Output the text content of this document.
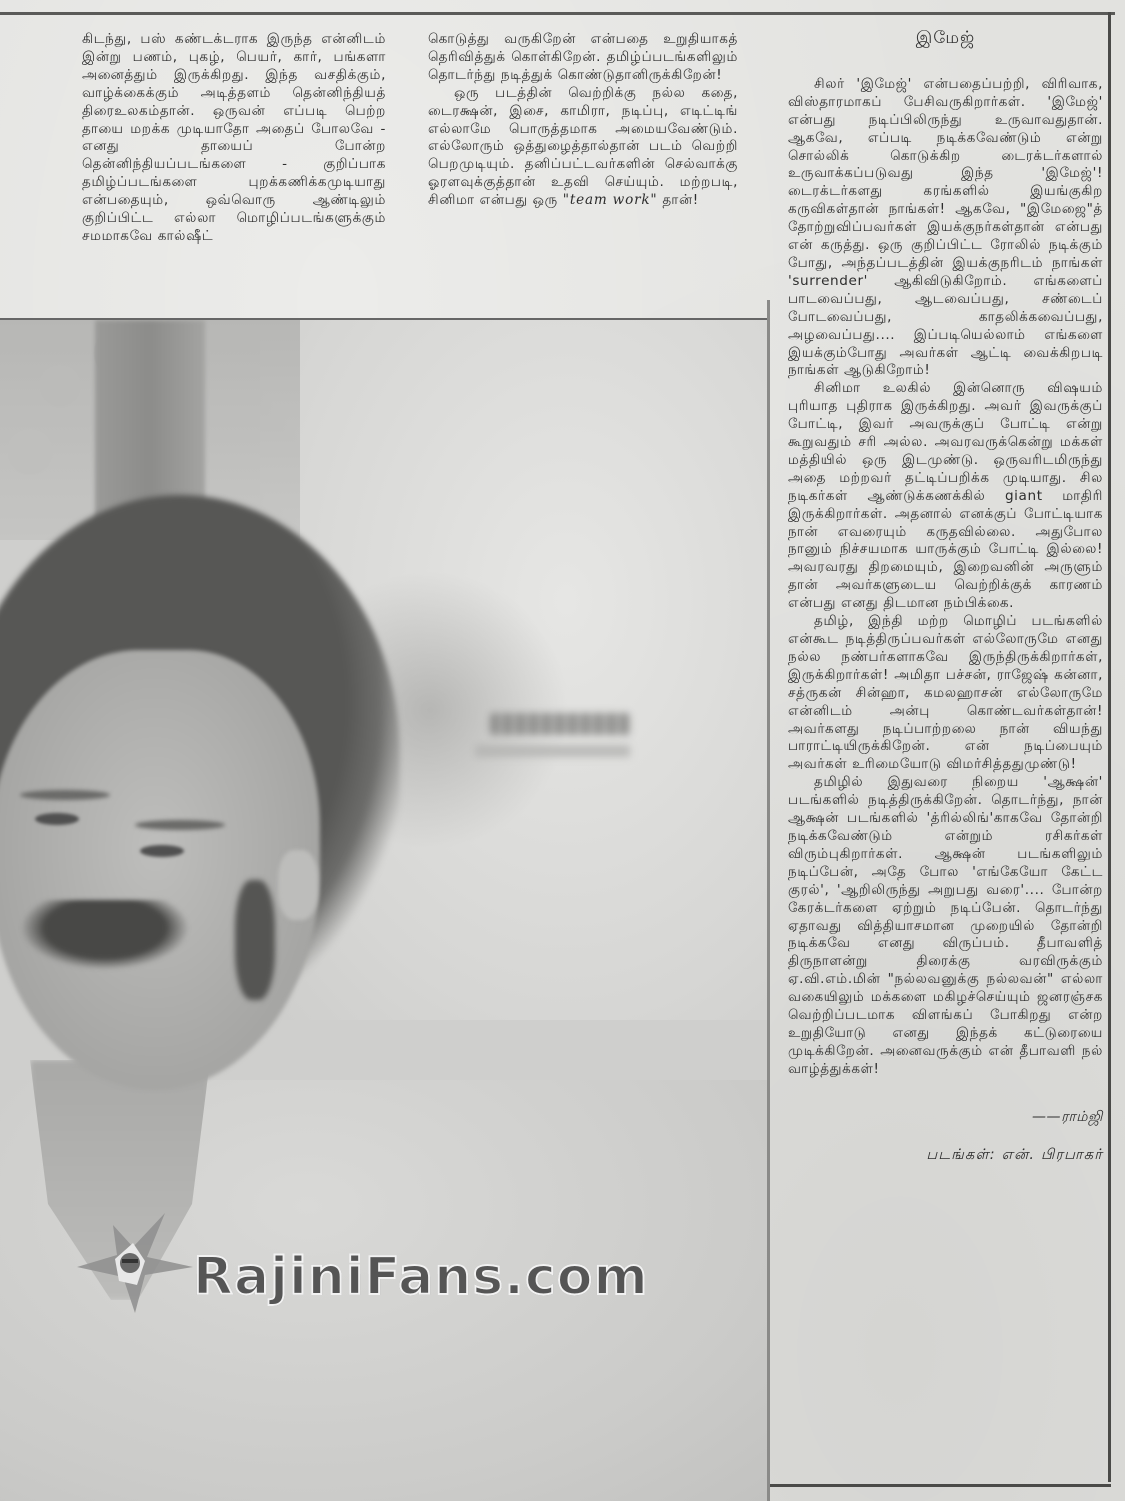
கிடந்து, பஸ் கண்டக்டராக இருந்த என்னிடம் இன்று பணம், புகழ், பெயர், கார், பங்களா அனைத்தும் இருக்கிறது. இந்த வசதிக்கும், வாழ்க்கைக்கும் அடித்தளம் தென்னிந்தியத் திரைஉலகம்தான். ஒருவன் எப்படி பெற்ற தாயை மறக்க முடியாதோ அதைப் போலவே - எனது தாயைப் போன்ற தென்னிந்தியப்படங்களை - குறிப்பாக தமிழ்ப்படங்களை புறக்கணிக்கமுடியாது என்பதையும், ஒவ்வொரு ஆண்டிலும் குறிப்பிட்ட எல்லா மொழிப்படங்களுக்கும் சமமாகவே கால்ஷீட்

கொடுத்து வருகிறேன் என்பதை உறுதியாகத் தெரிவித்துக் கொள்கிறேன். தமிழ்ப்படங்களிலும் தொடர்ந்து நடித்துக் கொண்டுதானிருக்கிறேன்!

ஒரு படத்தின் வெற்றிக்கு நல்ல கதை, டைரக்ஷன், இசை, காமிரா, நடிப்பு, எடிட்டிங் எல்லாமே பொருத்தமாக அமையவேண்டும். எல்லோரும் ஒத்துழைத்தால்தான் படம் வெற்றி பெறமுடியும். தனிப்பட்டவர்களின் செல்வாக்கு ஓரளவுக்குத்தான் உதவி செய்யும். மற்றபடி, சினிமா என்பது ஒரு "team work" தான்!

RajiniFans.com
இமேஜ்

சிலர் 'இமேஜ்' என்பதைப்பற்றி, விரிவாக, விஸ்தாரமாகப் பேசிவருகிறார்கள். 'இமேஜ்' என்பது நடிப்பிலிருந்து உருவாவதுதான். ஆகவே, எப்படி நடிக்கவேண்டும் என்று சொல்லிக் கொடுக்கிற டைரக்டர்களால் உருவாக்கப்படுவது இந்த 'இமேஜ்'! டைரக்டர்களது கரங்களில் இயங்குகிற கருவிகள்தான் நாங்கள்! ஆகவே, "இமேஜை"த் தோற்றுவிப்பவர்கள் இயக்குநர்கள்தான் என்பது என் கருத்து. ஒரு குறிப்பிட்ட ரோலில் நடிக்கும் போது, அந்தப்படத்தின் இயக்குநரிடம் நாங்கள் 'surrender' ஆகிவிடுகிறோம். எங்களைப் பாடவைப்பது, ஆடவைப்பது, சண்டைப் போடவைப்பது, காதலிக்கவைப்பது, அழவைப்பது.... இப்படியெல்லாம் எங்களை இயக்கும்போது அவர்கள் ஆட்டி வைக்கிறபடி நாங்கள் ஆடுகிறோம்!

சினிமா உலகில் இன்னொரு விஷயம் புரியாத புதிராக இருக்கிறது. அவர் இவருக்குப் போட்டி, இவர் அவருக்குப் போட்டி என்று கூறுவதும் சரி அல்ல. அவரவருக்கென்று மக்கள் மத்தியில் ஒரு இடமுண்டு. ஒருவரிடமிருந்து அதை மற்றவர் தட்டிப்பறிக்க முடியாது. சில நடிகர்கள் ஆண்டுக்கணக்கில் giant மாதிரி இருக்கிறார்கள். அதனால் எனக்குப் போட்டியாக நான் எவரையும் கருதவில்லை. அதுபோல நானும் நிச்சயமாக யாருக்கும் போட்டி இல்லை! அவரவரது திறமையும், இறைவனின் அருளும் தான் அவர்களுடைய வெற்றிக்குக் காரணம் என்பது எனது திடமான நம்பிக்கை.

தமிழ், இந்தி மற்ற மொழிப் படங்களில் என்கூட நடித்திருப்பவர்கள் எல்லோருமே எனது நல்ல நண்பர்களாகவே இருந்திருக்கிறார்கள், இருக்கிறார்கள்! அமிதா பச்சன், ராஜேஷ் கன்னா, சத்ருகன் சின்ஹா, கமலஹாசன் எல்லோருமே என்னிடம் அன்பு கொண்டவர்கள்தான்! அவர்களது நடிப்பாற்றலை நான் வியந்து பாராட்டியிருக்கிறேன். என் நடிப்பையும் அவர்கள் உரிமையோடு விமர்சித்ததுமுண்டு!

தமிழில் இதுவரை நிறைய 'ஆக்ஷன்' படங்களில் நடித்திருக்கிறேன். தொடர்ந்து, நான் ஆக்ஷன் படங்களில் 'த்ரில்லிங்'காகவே தோன்றி நடிக்கவேண்டும் என்றும் ரசிகர்கள் விரும்புகிறார்கள். ஆக்ஷன் படங்களிலும் நடிப்பேன், அதே போல 'எங்கேயோ கேட்ட குரல்', 'ஆறிலிருந்து அறுபது வரை'.... போன்ற கேரக்டர்களை ஏற்றும் நடிப்பேன். தொடர்ந்து ஏதாவது வித்தியாசமான முறையில் தோன்றி நடிக்கவே எனது விருப்பம். தீபாவளித் திருநாளன்று திரைக்கு வரவிருக்கும் ஏ.வி.எம்.மின் "நல்லவனுக்கு நல்லவன்" எல்லா வகையிலும் மக்களை மகிழச்செய்யும் ஜனரஞ்சக வெற்றிப்படமாக விளங்கப் போகிறது என்ற உறுதியோடு எனது இந்தக் கட்டுரையை முடிக்கிறேன். அனைவருக்கும் என் தீபாவளி நல் வாழ்த்துக்கள்!

——ராம்ஜி
படங்கள்: என். பிரபாகர்
